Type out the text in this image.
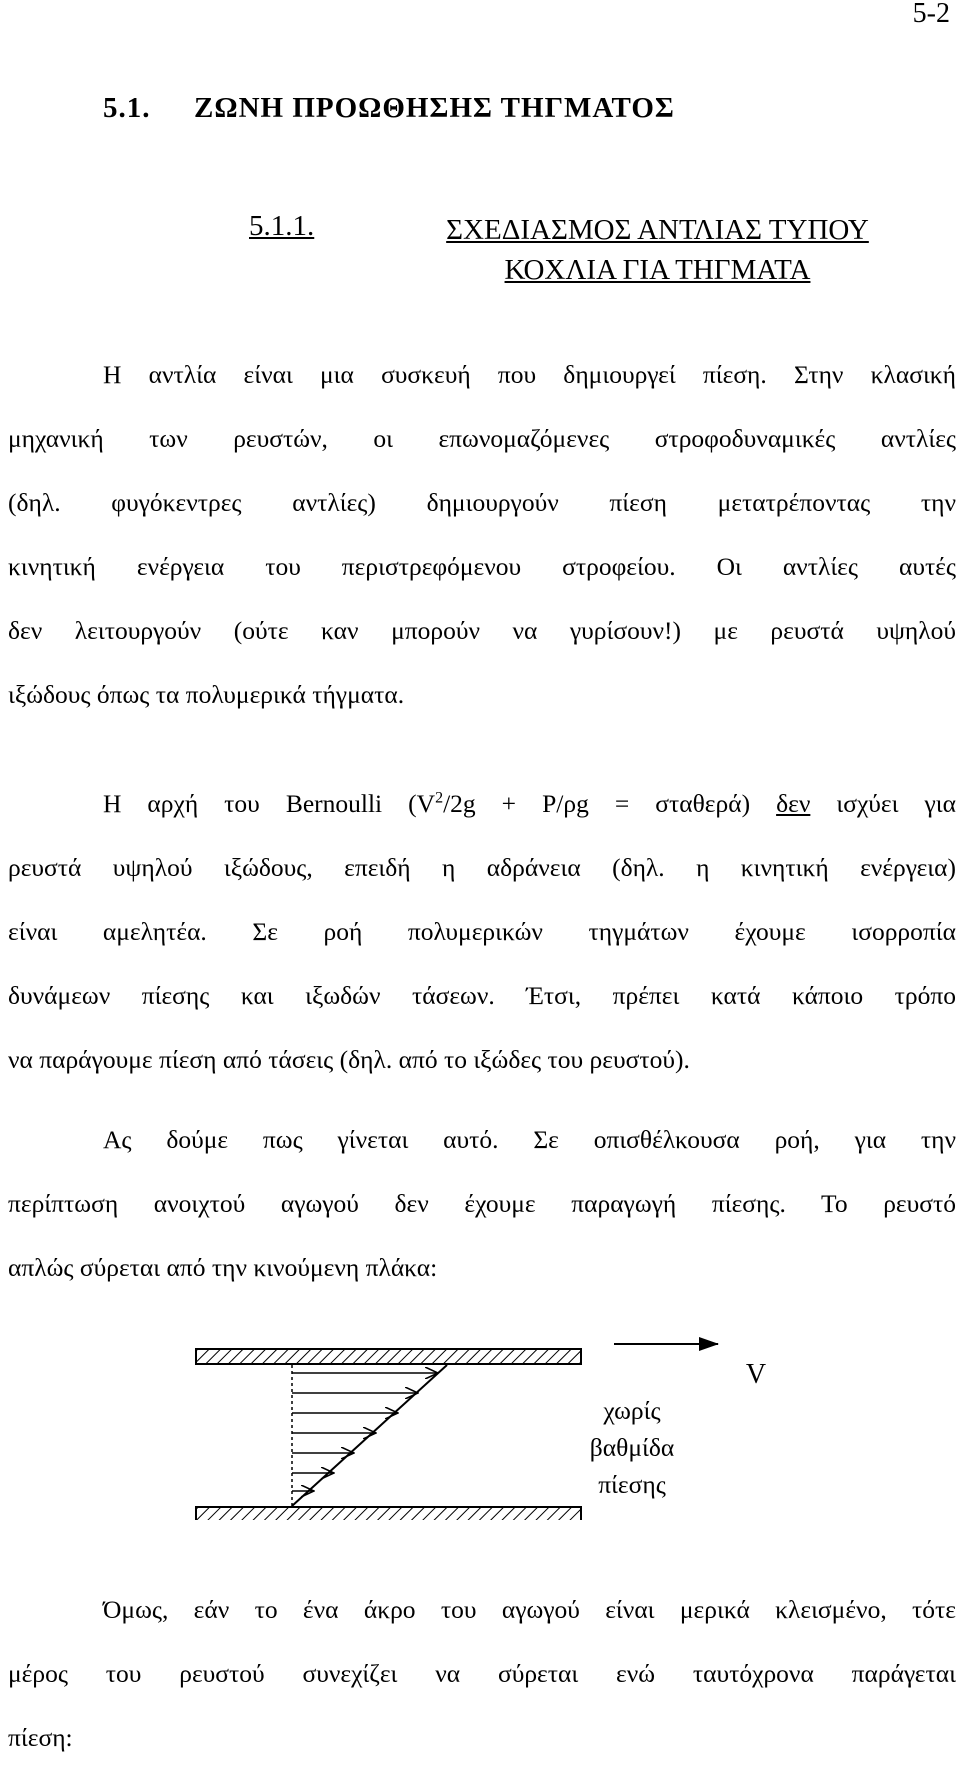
5-2
5.1. ΖΩΝΗ ΠΡΟΩΘΗΣΗΣ ΤΗΓΜΑΤΟΣ
5.1.1.	ΣΧΕΔΙΑΣΜΟΣ ΑΝΤΛΙΑΣ ΤΥΠΟΥ
ΚΟΧΛΙΑ ΓΙΑ ΤΗΓΜΑΤΑ
Η αντλία είναι μια συσκευή που δημιουργεί πίεση. Στην κλασική
μηχανική των ρευστών, οι επωνομαζόμενες στροφοδυναμικές αντλίες
(δηλ. φυγόκεντρες αντλίες) δημιουργούν πίεση μετατρέποντας την
κινητική ενέργεια του περιστρεφόμενου στροφείου. Οι αντλίες αυτές
δεν λειτουργούν (ούτε καν μπορούν να γυρίσουν!) με ρευστά υψηλού
ιξώδους όπως τα πολυμερικά τήγματα.
Η αρχή του Bernoulli $(V^2/2g + P/\rho g = \sigma\tau\alpha\theta\varepsilon\rho ά)$ δεν ισχύει για
ρευστά υψηλού ιξώδους, επειδή η αδράνεια (δηλ. η κινητική ενέργεια)
είναι αμελητέα. Σε ροή πολυμερικών τηγμάτων έχουμε ισορροπία
δυνάμεων πίεσης και ιξωδών τάσεων. Έτσι, πρέπει κατά κάποιο τρόπο
να παράγουμε πίεση από τάσεις (δηλ. από το ιξώδες του ρευστού).
Ας δούμε πως γίνεται αυτό. Σε οπισθέλκουσα ροή, για την
περίπτωση ανοιχτού αγωγού δεν έχουμε παραγωγή πίεσης. Το ρευστό
απλώς σύρεται από την κινούμενη πλάκα:
V
χωρίς
βαθμίδα
πίεσης
Όμως, εάν το ένα άκρο του αγωγού είναι μερικά κλεισμένο, τότε
μέρος του ρευστού συνεχίζει να σύρεται ενώ ταυτόχρονα παράγεται
πίεση:
